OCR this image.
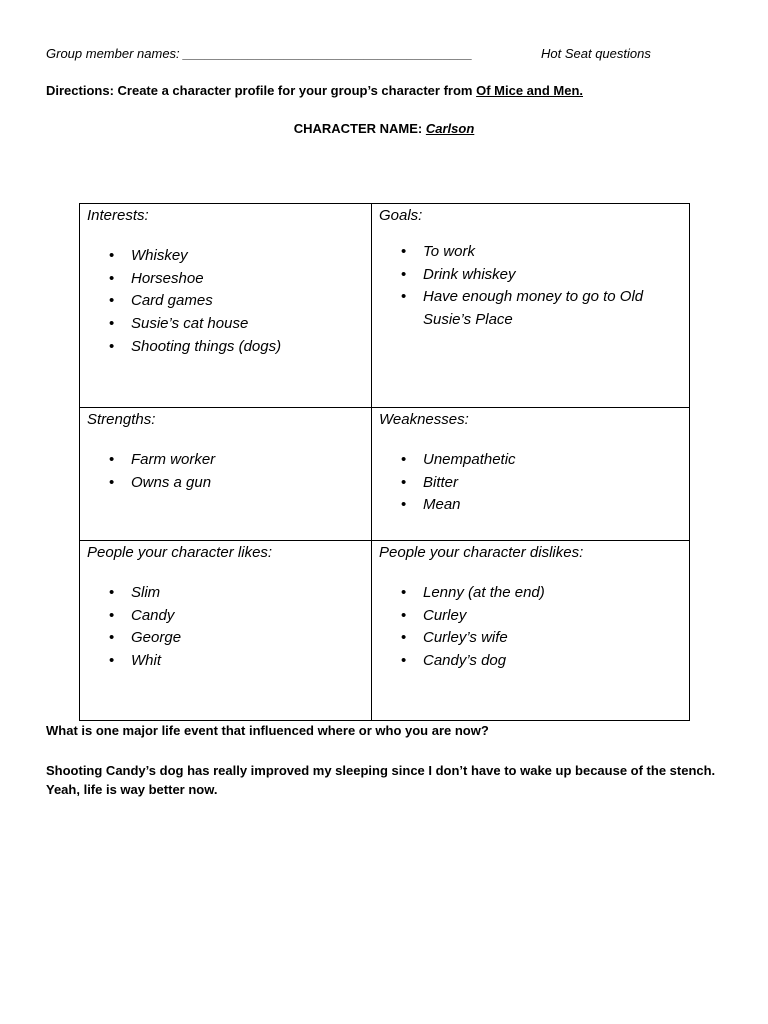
Group member names: ________________________________________	Hot Seat questions
Directions: Create a character profile for your group’s character from Of Mice and Men.
CHARACTER NAME: Carlson
Interests:
• Whiskey
• Horseshoe
• Card games
• Susie’s cat house
• Shooting things (dogs)
Goals:
• To work
• Drink whiskey
• Have enough money to go to Old Susie’s Place
Strengths:
• Farm worker
• Owns a gun
Weaknesses:
• Unempathetic
• Bitter
• Mean
People your character likes:
• Slim
• Candy
• George
• Whit
People your character dislikes:
• Lenny (at the end)
• Curley
• Curley’s wife
• Candy’s dog
What is one major life event that influenced where or who you are now?
Shooting Candy’s dog has really improved my sleeping since I don’t have to wake up because of the stench.
Yeah, life is way better now.
